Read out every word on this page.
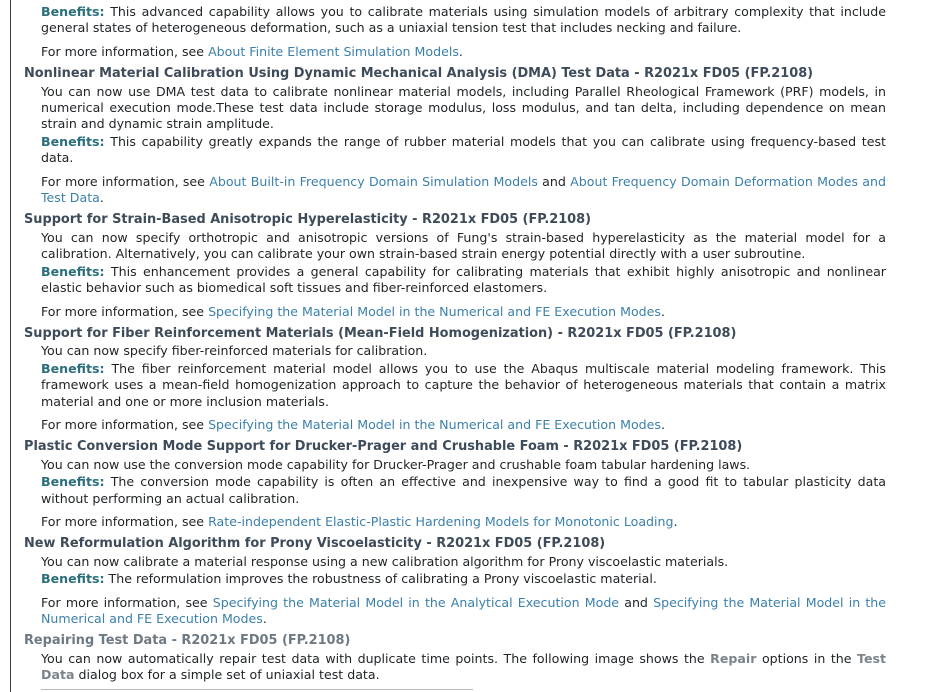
Benefits: This advanced capability allows you to calibrate materials using simulation models of arbitrary complexity that include general states of heterogeneous deformation, such as a uniaxial tension test that includes necking and failure.

For more information, see About Finite Element Simulation Models.

Nonlinear Material Calibration Using Dynamic Mechanical Analysis (DMA) Test Data - R2021x FD05 (FP.2108)

You can now use DMA test data to calibrate nonlinear material models, including Parallel Rheological Framework (PRF) models, in numerical execution mode.These test data include storage modulus, loss modulus, and tan delta, including dependence on mean strain and dynamic strain amplitude.

Benefits: This capability greatly expands the range of rubber material models that you can calibrate using frequency-based test data.

For more information, see About Built-in Frequency Domain Simulation Models and About Frequency Domain Deformation Modes and Test Data.

Support for Strain-Based Anisotropic Hyperelasticity - R2021x FD05 (FP.2108)

You can now specify orthotropic and anisotropic versions of Fung's strain-based hyperelasticity as the material model for a calibration. Alternatively, you can calibrate your own strain-based strain energy potential directly with a user subroutine.

Benefits: This enhancement provides a general capability for calibrating materials that exhibit highly anisotropic and nonlinear elastic behavior such as biomedical soft tissues and fiber-reinforced elastomers.

For more information, see Specifying the Material Model in the Numerical and FE Execution Modes.

Support for Fiber Reinforcement Materials (Mean-Field Homogenization) - R2021x FD05 (FP.2108)

You can now specify fiber-reinforced materials for calibration.

Benefits: The fiber reinforcement material model allows you to use the Abaqus multiscale material modeling framework. This framework uses a mean-field homogenization approach to capture the behavior of heterogeneous materials that contain a matrix material and one or more inclusion materials.

For more information, see Specifying the Material Model in the Numerical and FE Execution Modes.

Plastic Conversion Mode Support for Drucker-Prager and Crushable Foam - R2021x FD05 (FP.2108)

You can now use the conversion mode capability for Drucker-Prager and crushable foam tabular hardening laws.

Benefits: The conversion mode capability is often an effective and inexpensive way to find a good fit to tabular plasticity data without performing an actual calibration.

For more information, see Rate-independent Elastic-Plastic Hardening Models for Monotonic Loading.

New Reformulation Algorithm for Prony Viscoelasticity - R2021x FD05 (FP.2108)

You can now calibrate a material response using a new calibration algorithm for Prony viscoelastic materials.

Benefits: The reformulation improves the robustness of calibrating a Prony viscoelastic material.

For more information, see Specifying the Material Model in the Analytical Execution Mode and Specifying the Material Model in the Numerical and FE Execution Modes.

Repairing Test Data - R2021x FD05 (FP.2108)

You can now automatically repair test data with duplicate time points. The following image shows the Repair options in the Test Data dialog box for a simple set of uniaxial test data.
